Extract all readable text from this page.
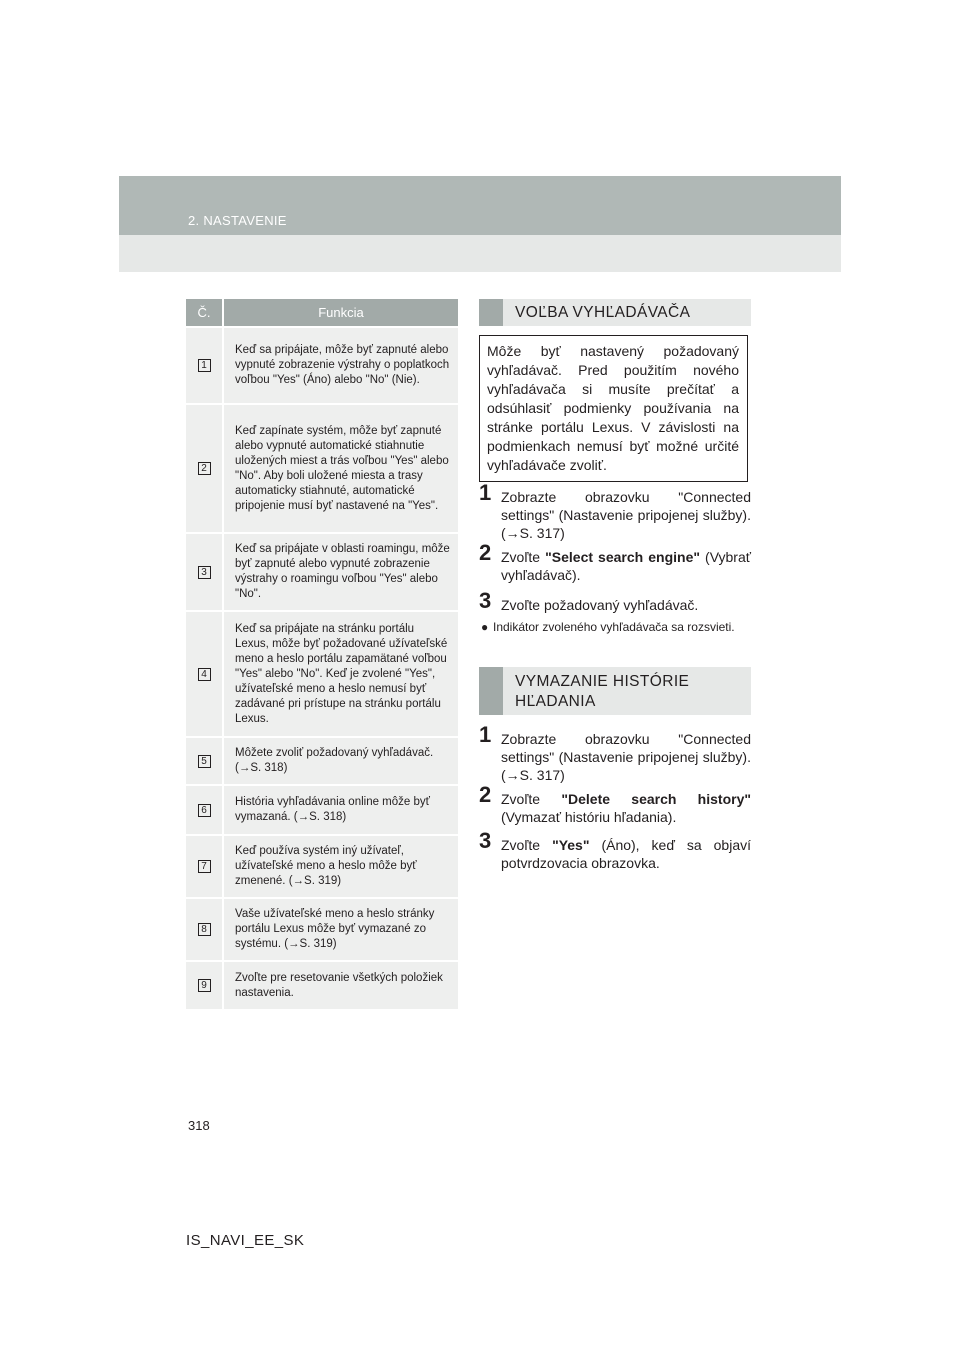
2. NASTAVENIE
Č.	Funkcia
1
Keď sa pripájate, môže byť zapnuté alebo vypnuté zobrazenie výstrahy o poplatkoch voľbou "Yes" (Áno) alebo "No" (Nie).
2
Keď zapínate systém, môže byť zapnuté alebo vypnuté automatické stiahnutie uložených miest a trás voľbou "Yes" alebo "No". Aby boli uložené miesta a trasy automaticky stiahnuté, automatické pripojenie musí byť nastavené na "Yes".
3
Keď sa pripájate v oblasti roamingu, môže byť zapnuté alebo vypnuté zobrazenie výstrahy o roamingu voľbou "Yes" alebo "No".
4
Keď sa pripájate na stránku portálu Lexus, môže byť požadované užívateľské meno a heslo portálu zapamätané voľbou "Yes" alebo "No". Keď je zvolené "Yes", užívateľské meno a heslo nemusí byť zadávané pri prístupe na stránku portálu Lexus.
5
Môžete zvoliť požadovaný vyhľadávač. (→S. 318)
6
História vyhľadávania online môže byť vymazaná. (→S. 318)
7
Keď používa systém iný užívateľ, užívateľské meno a heslo môže byť zmenené. (→S. 319)
8
Vaše užívateľské meno a heslo stránky portálu Lexus môže byť vymazané zo systému. (→S. 319)
9
Zvoľte pre resetovanie všetkých položiek nastavenia.
VOĽBA VYHĽADÁVAČA
Môže byť nastavený požadovaný vyhľadávač. Pred použitím nového vyhľadávača si musíte prečítať a odsúhlasiť podmienky používania na stránke portálu Lexus. V závislosti na podmienkach nemusí byť možné určité vyhľadávače zvoliť.
1 Zobrazte obrazovku "Connected settings" (Nastavenie pripojenej služby). (→S. 317)
2 Zvoľte "Select search engine" (Vybrať vyhľadávač).
3 Zvoľte požadovaný vyhľadávač.
● Indikátor zvoleného vyhľadávača sa rozsvieti.
VYMAZANIE HISTÓRIE
HĽADANIA
1 Zobrazte obrazovku "Connected settings" (Nastavenie pripojenej služby). (→S. 317)
2 Zvoľte "Delete search history" (Vymazať históriu hľadania).
3 Zvoľte "Yes" (Áno), keď sa objaví potvrdzovacia obrazovka.
318
IS_NAVI_EE_SK
